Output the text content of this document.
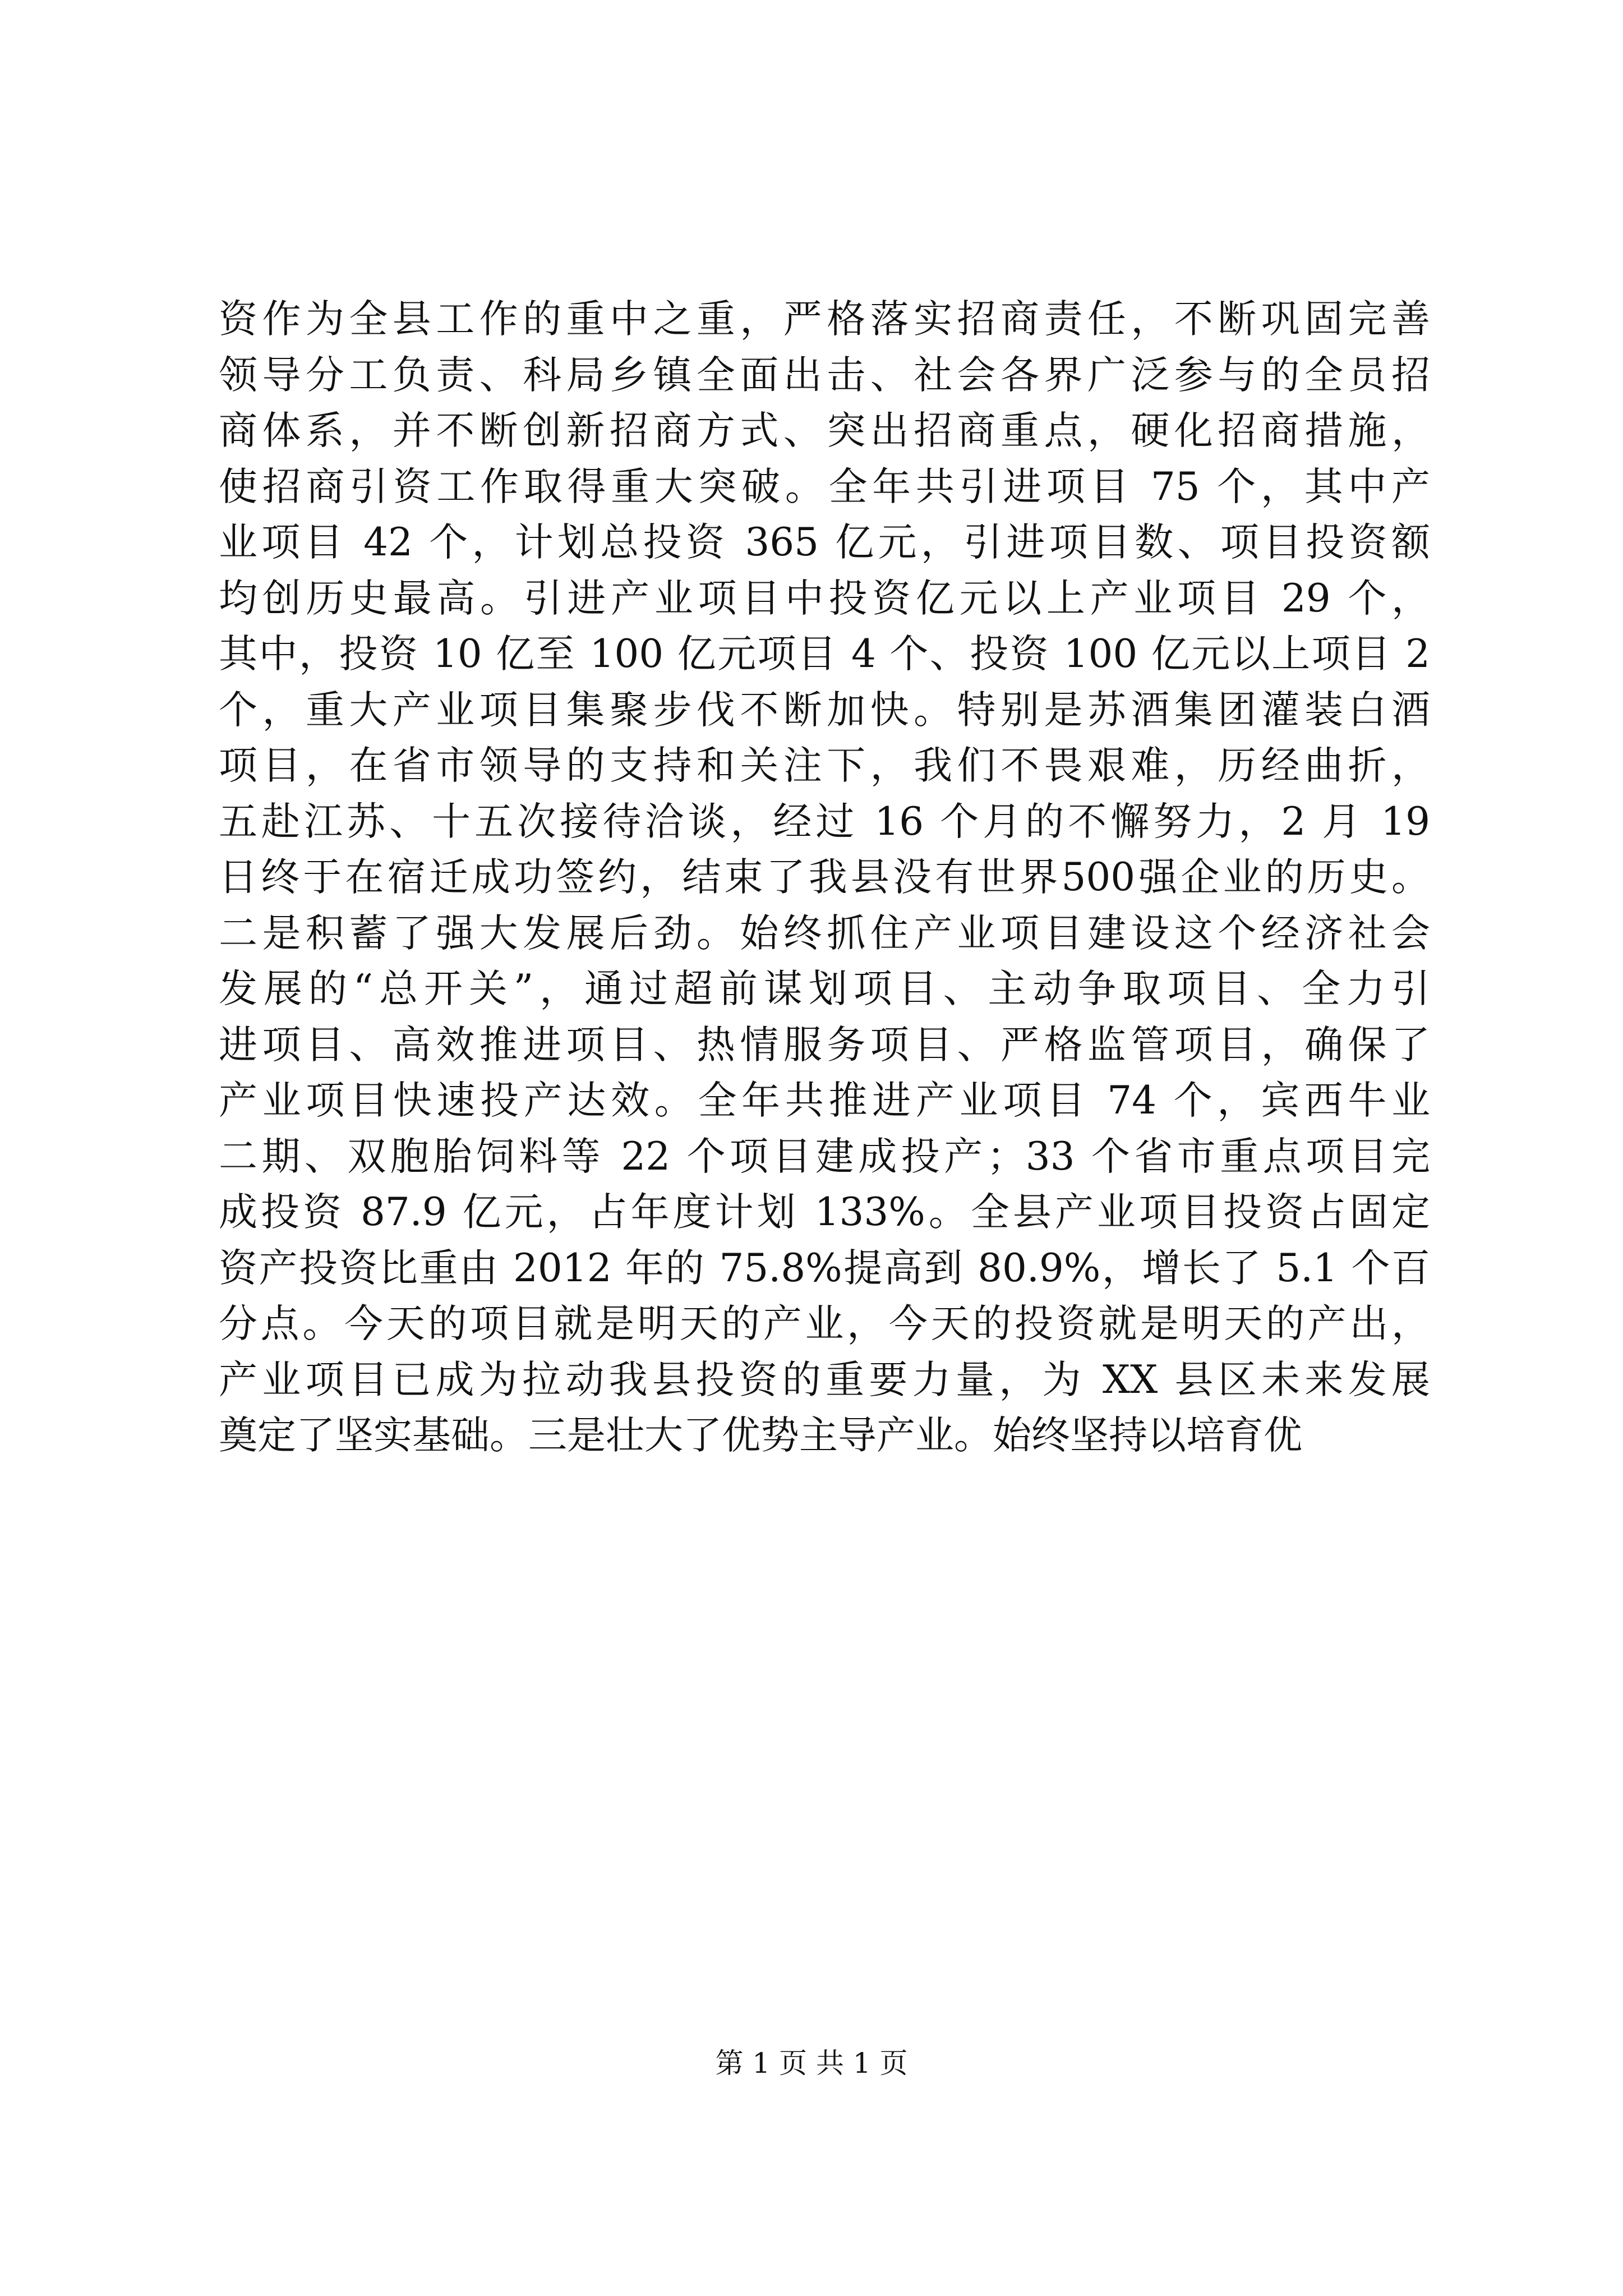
资作为全县工作的重中之重，严格落实招商责任，不断巩固完善
领导分工负责、科局乡镇全面出击、社会各界广泛参与的全员招
商体系，并不断创新招商方式、突出招商重点，硬化招商措施，
使招商引资工作取得重大突破。全年共引进项目 75 个，其中产
业项目 42 个，计划总投资 365 亿元，引进项目数、项目投资额
均创历史最高。引进产业项目中投资亿元以上产业项目 29 个，
其中，投资 10 亿至 100 亿元项目 4 个、投资 100 亿元以上项目 2
个，重大产业项目集聚步伐不断加快。特别是苏酒集团灌装白酒
项目，在省市领导的支持和关注下，我们不畏艰难，历经曲折，
五赴江苏、十五次接待洽谈，经过 16 个月的不懈努力，2 月 19
日终于在宿迁成功签约，结束了我县没有世界500强企业的历史。
二是积蓄了强大发展后劲。始终抓住产业项目建设这个经济社会
发展的“总开关”，通过超前谋划项目、主动争取项目、全力引
进项目、高效推进项目、热情服务项目、严格监管项目，确保了
产业项目快速投产达效。全年共推进产业项目 74 个，宾西牛业
二期、双胞胎饲料等 22 个项目建成投产；33 个省市重点项目完
成投资 87.9 亿元，占年度计划 133%。全县产业项目投资占固定
资产投资比重由 2012 年的 75.8%提高到 80.9%，增长了 5.1 个百
分点。今天的项目就是明天的产业，今天的投资就是明天的产出，
产业项目已成为拉动我县投资的重要力量，为 XX 县区未来发展
奠定了坚实基础。三是壮大了优势主导产业。始终坚持以培育优
第 1 页 共 1 页
